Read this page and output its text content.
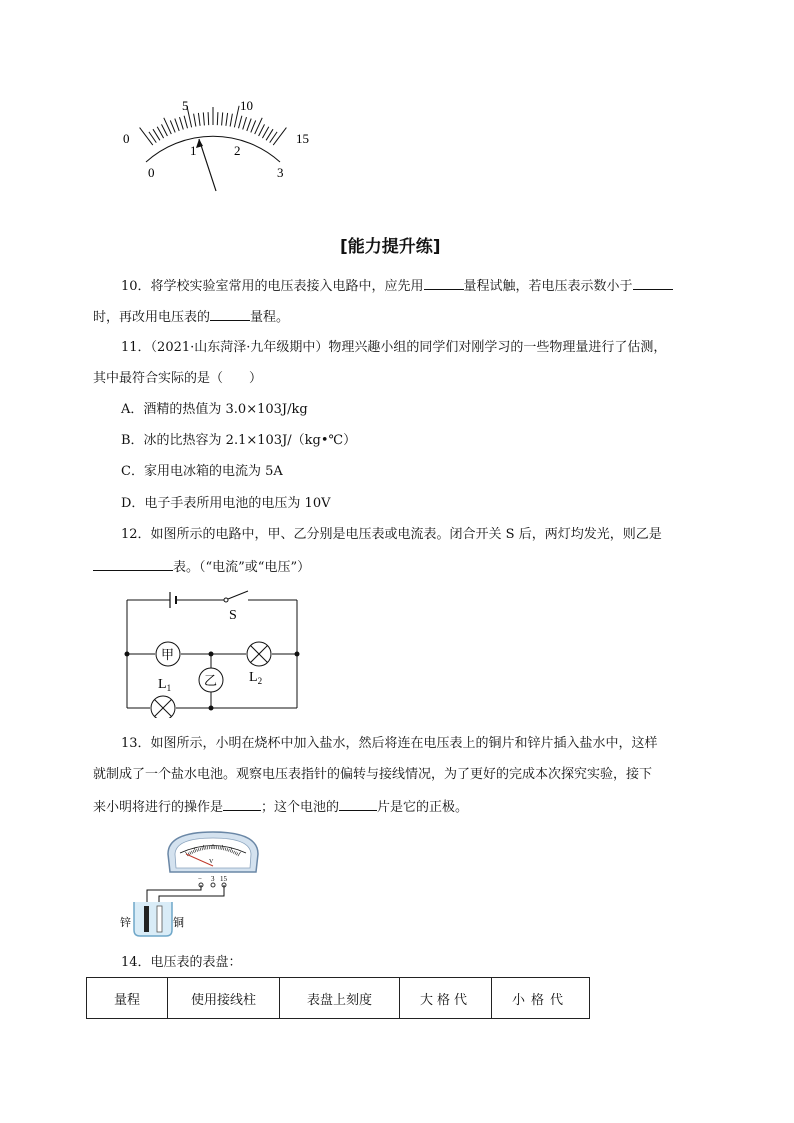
0
5	10
15
0
1	2
3
[能力提升练]
10．将学校实验室常用的电压表接入电路中，应先用	量程试触，若电压表示数小于
时，再改用电压表的	量程。
11．（2021·山东菏泽·九年级期中）物理兴趣小组的同学们对刚学习的一些物理量进行了估测，
其中最符合实际的是（　　）
A．酒精的热值为 3.0×103J/kg
B．冰的比热容为 2.1×103J/（kg•℃）
C．家用电冰箱的电流为 5A
D．电子手表所用电池的电压为 10V
12．如图所示的电路中，甲、乙分别是电压表或电流表。闭合开关 S 后，两灯均发光，则乙是
表。（“电流”或“电压”）
S
甲
乙
$L_1$
$L_2$
13．如图所示，小明在烧杯中加入盐水，然后将连在电压表上的铜片和锌片插入盐水中，这样
就制成了一个盐水电池。观察电压表指针的偏转与接线情况，为了更好的完成本次探究实验，接下
来小明将进行的操作是	；这个电池的	片是它的正极。
V
− 3 15
锌	铜
14．电压表的表盘：
量程	使用接线柱	表盘上刻度	大格代	小格代
